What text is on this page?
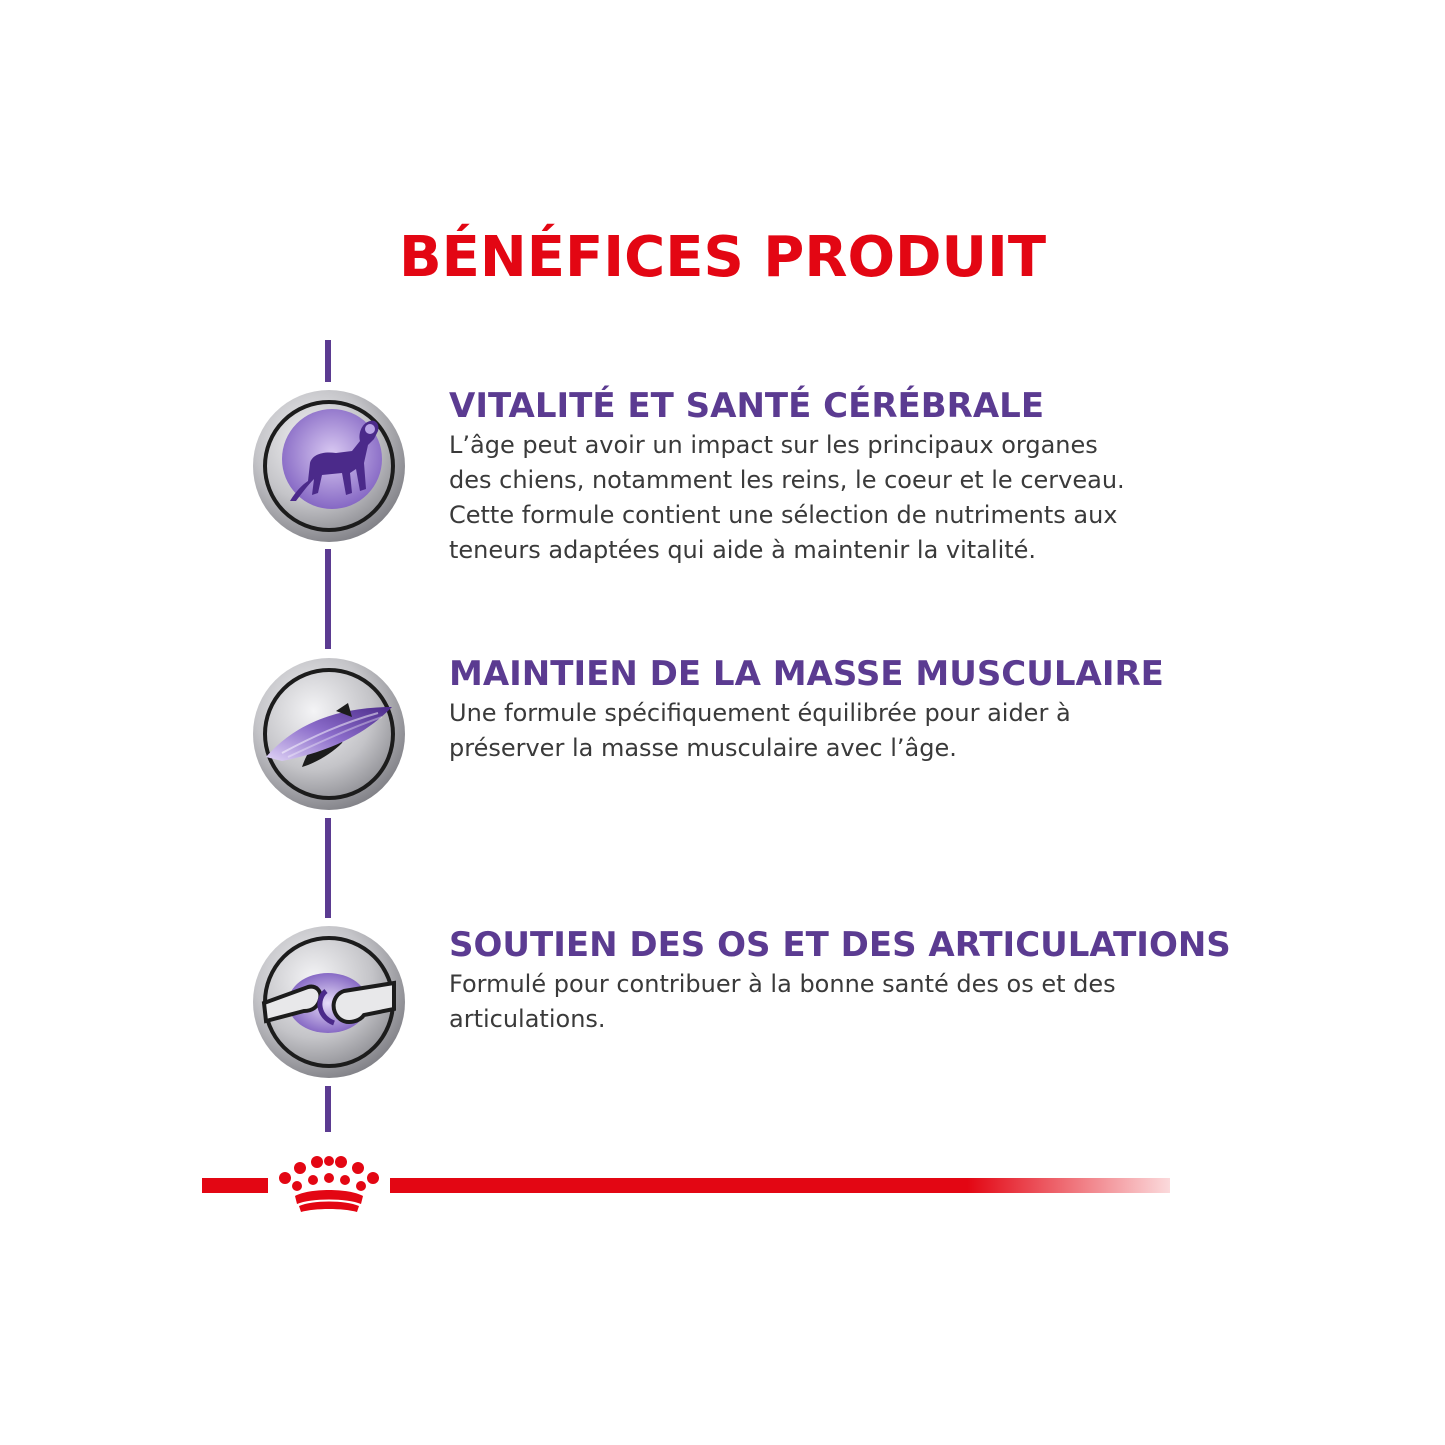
BÉNÉFICES PRODUIT
VITALITÉ ET SANTÉ CÉRÉBRALE

L’âge peut avoir un impact sur les principaux organes
des chiens, notamment les reins, le coeur et le cerveau.
Cette formule contient une sélection de nutriments aux
teneurs adaptées qui aide à maintenir la vitalité.

MAINTIEN DE LA MASSE MUSCULAIRE

Une formule spécifiquement équilibrée pour aider à
préserver la masse musculaire avec l’âge.

SOUTIEN DES OS ET DES ARTICULATIONS

Formulé pour contribuer à la bonne santé des os et des
articulations.
